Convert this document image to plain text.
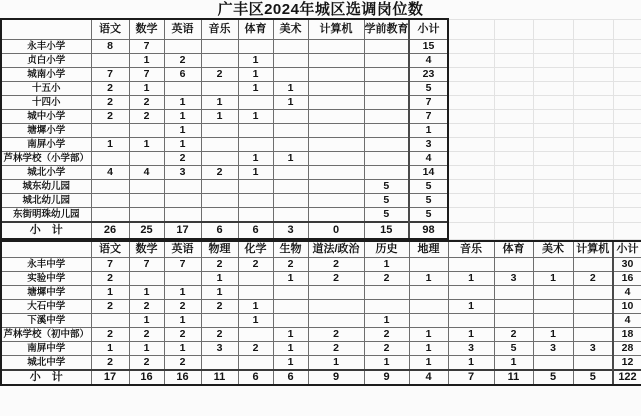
广丰区2024年城区选调岗位数
	语文	数学	英语	音乐	体育	美术	计算机	学前教育	小计					
永丰小学	8	7							15					
贞白小学		1	2		1				4					
城南小学	7	7	6	2	1				23					
十五小	2	1			1	1			5					
十四小	2	2	1	1		1			7					
城中小学	2	2	1	1	1				7					
塘墀小学			1						1					
南屏小学	1	1	1						3					
芦林学校（小学部）			2		1	1			4					
城北小学	4	4	3	2	1				14					
城东幼儿园								5	5					
城北幼儿园								5	5					
东街明珠幼儿园								5	5					
小　计	26	25	17	6	6	3	0	15	98					
	语文	数学	英语	物理	化学	生物	道法/政治	历史	地理	音乐	体育	美术	计算机	小计
永丰中学	7	7	7	2	2	2	2	1						30
实验中学	2			1		1	2	2	1	1	3	1	2	16
塘墀中学	1	1	1	1										4
大石中学	2	2	2	2	1					1				10
下溪中学		1	1		1			1						4
芦林学校（初中部）	2	2	2	2		1	2	2	1	1	2	1		18
南屏中学	1	1	1	3	2	1	2	2	1	3	5	3	3	28
城北中学	2	2	2			1	1	1	1	1	1			12
小　计	17	16	16	11	6	6	9	9	4	7	11	5	5	122
